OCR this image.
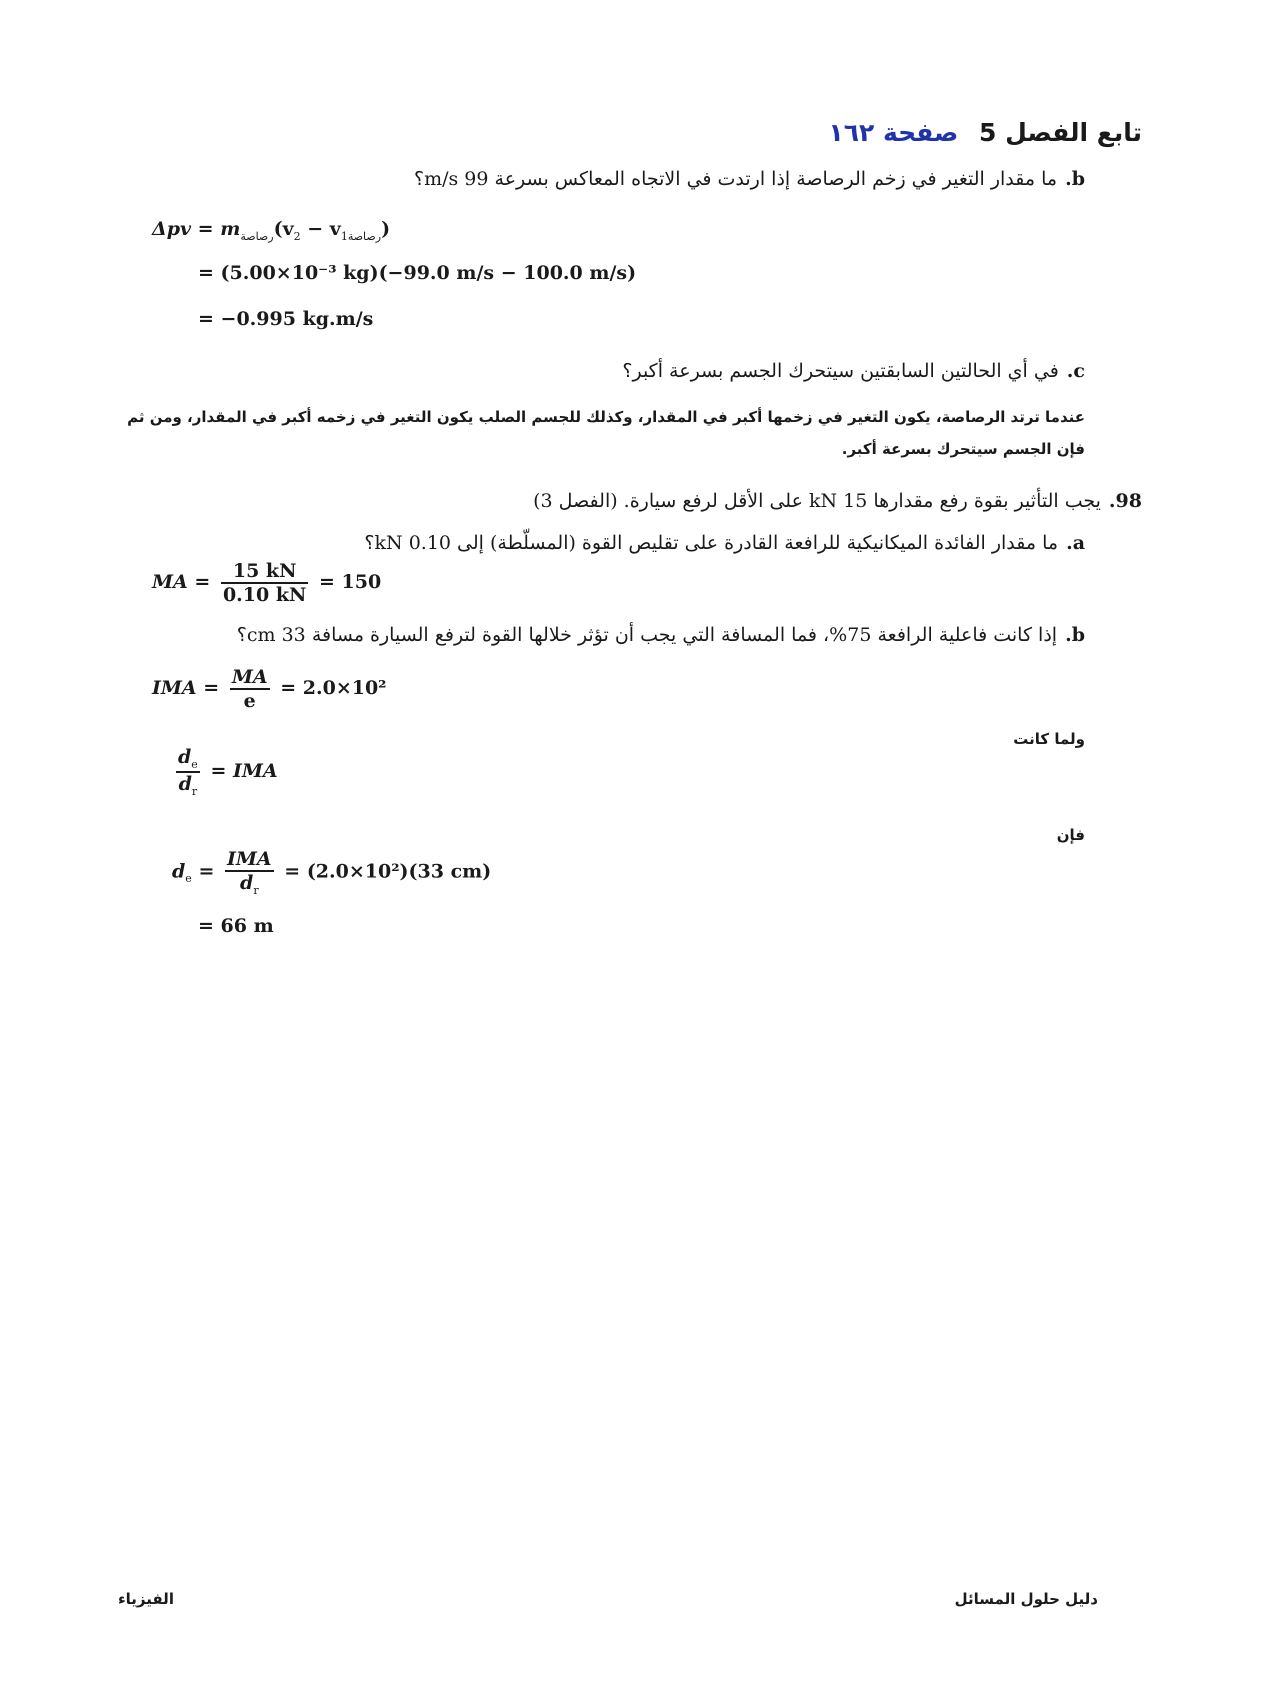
تابع الفصل 5 صفحة ١٦٢
b.ما مقدار التغير في زخم الرصاصة إذا ارتدت في الاتجاه المعاكس بسرعة 99 m/s؟
$\Delta pv = m_{رصاصة}(v_2 - v_{1رصاصة})$
= (5.00×10⁻³ kg)(−99.0 m/s − 100.0 m/s)
= −0.995 kg.m/s
c.في أي الحالتين السابقتين سيتحرك الجسم بسرعة أكبر؟
عندما ترتد الرصاصة، يكون التغير في زخمها أكبر في المقدار، وكذلك للجسم الصلب يكون التغير في زخمه أكبر في المقدار، ومن ثم
فإن الجسم سيتحرك بسرعة أكبر.
98.يجب التأثير بقوة رفع مقدارها 15 kN على الأقل لرفع سيارة. (الفصل 3)
a.ما مقدار الفائدة الميكانيكية للرافعة القادرة على تقليص القوة (المسلّطة) إلى 0.10 kN؟
MA = $\frac{15 kN}{0.10 kN} = 150$
b.إذا كانت فاعلية الرافعة 75%، فما المسافة التي يجب أن تؤثر خلالها القوة لترفع السيارة مسافة 33 cm؟
IMA = $\frac{MA}{e} = 2.0\times 10^2$
ولما كانت
$\frac{d_e}{d_r}$ = IMA
فإن
$d_e = \frac{\text{IMA}}{d_r} = (2.0\times 10^2)(33$ cm)
= 66 m
دليل حلول المسائل
الفيزياء
